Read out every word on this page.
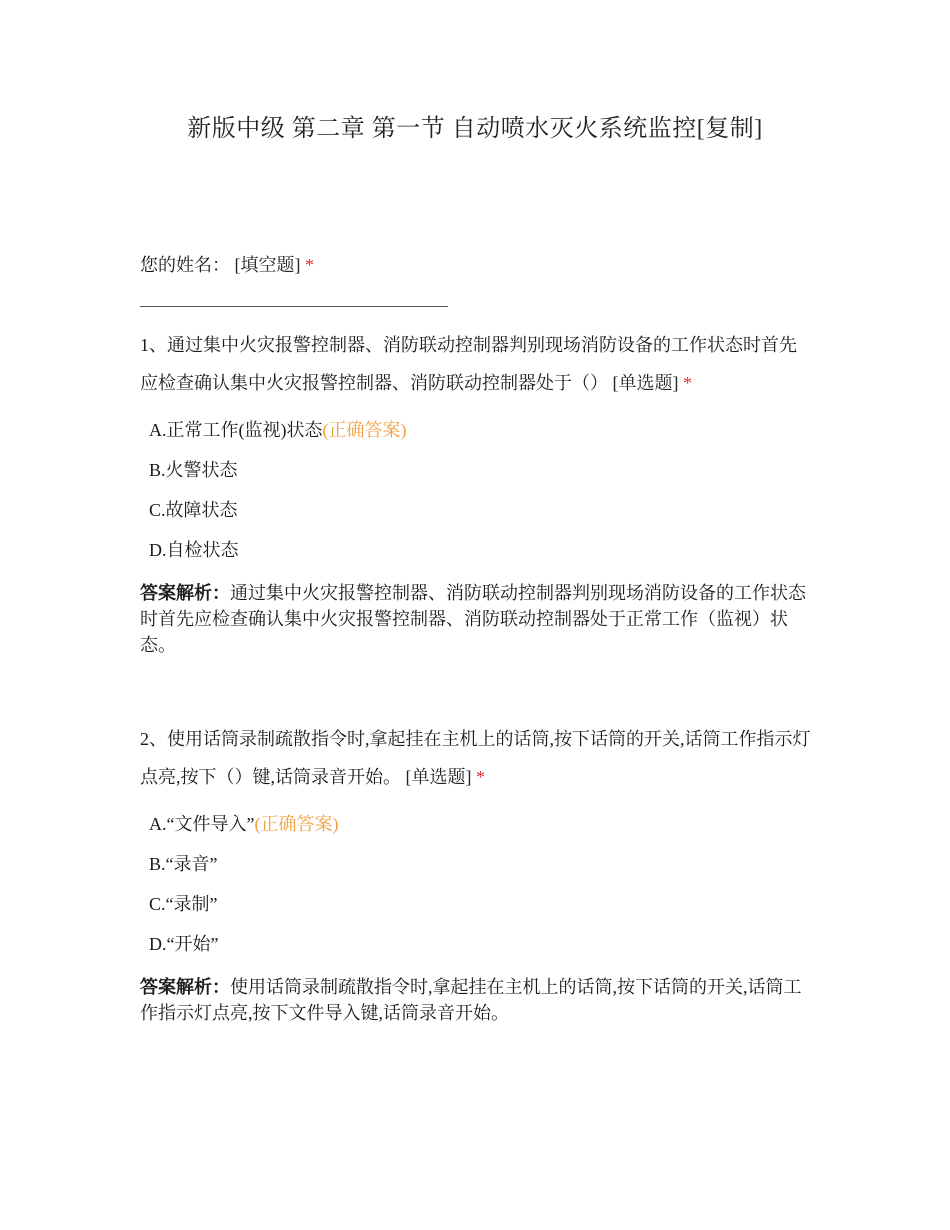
新版中级 第二章 第一节 自动喷水灭火系统监控[复制]
您的姓名： [填空题] *
1、通过集中火灾报警控制器、消防联动控制器判别现场消防设备的工作状态时首先应检查确认集中火灾报警控制器、消防联动控制器处于（） [单选题] *
A.正常工作(监视)状态(正确答案)
B.火警状态
C.故障状态
D.自检状态
答案解析：通过集中火灾报警控制器、消防联动控制器判别现场消防设备的工作状态时首先应检查确认集中火灾报警控制器、消防联动控制器处于正常工作（监视）状态。
2、使用话筒录制疏散指令时,拿起挂在主机上的话筒,按下话筒的开关,话筒工作指示灯点亮,按下（）键,话筒录音开始。 [单选题] *
A.“文件导入”(正确答案)
B.“录音”
C.“录制”
D.“开始”
答案解析：使用话筒录制疏散指令时,拿起挂在主机上的话筒,按下话筒的开关,话筒工作指示灯点亮,按下文件导入键,话筒录音开始。
